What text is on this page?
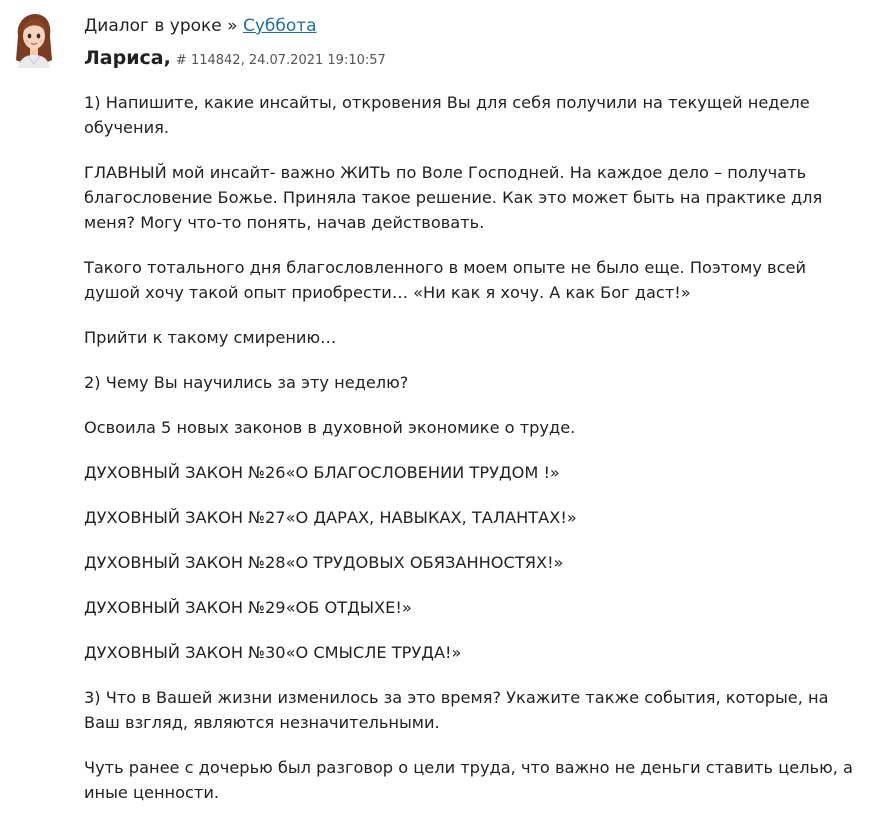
Диалог в уроке » Суббота
Лариса, # 114842, 24.07.2021 19:10:57

1) Напишите, какие инсайты, откровения Вы для себя получили на текущей неделе обучения.

ГЛАВНЫЙ мой инсайт- важно ЖИТЬ по Воле Господней. На каждое дело – получать благословение Божье. Приняла такое решение. Как это может быть на практике для меня? Могу что-то понять, начав действовать.

Такого тотального дня благословленного в моем опыте не было еще. Поэтому всей душой хочу такой опыт приобрести… «Ни как я хочу. А как Бог даст!»

Прийти к такому смирению…

2) Чему Вы научились за эту неделю?

Освоила 5 новых законов в духовной экономике о труде.

ДУХОВНЫЙ ЗАКОН №26«О БЛАГОСЛОВЕНИИ ТРУДОМ !»

ДУХОВНЫЙ ЗАКОН №27«О ДАРАХ, НАВЫКАХ, ТАЛАНТАХ!»

ДУХОВНЫЙ ЗАКОН №28«О ТРУДОВЫХ ОБЯЗАННОСТЯХ!»

ДУХОВНЫЙ ЗАКОН №29«ОБ ОТДЫХЕ!»

ДУХОВНЫЙ ЗАКОН №30«О СМЫСЛЕ ТРУДА!»

3) Что в Вашей жизни изменилось за это время? Укажите также события, которые, на Ваш взгляд, являются незначительными.

Чуть ранее с дочерью был разговор о цели труда, что важно не деньги ставить целью, а иные ценности.
